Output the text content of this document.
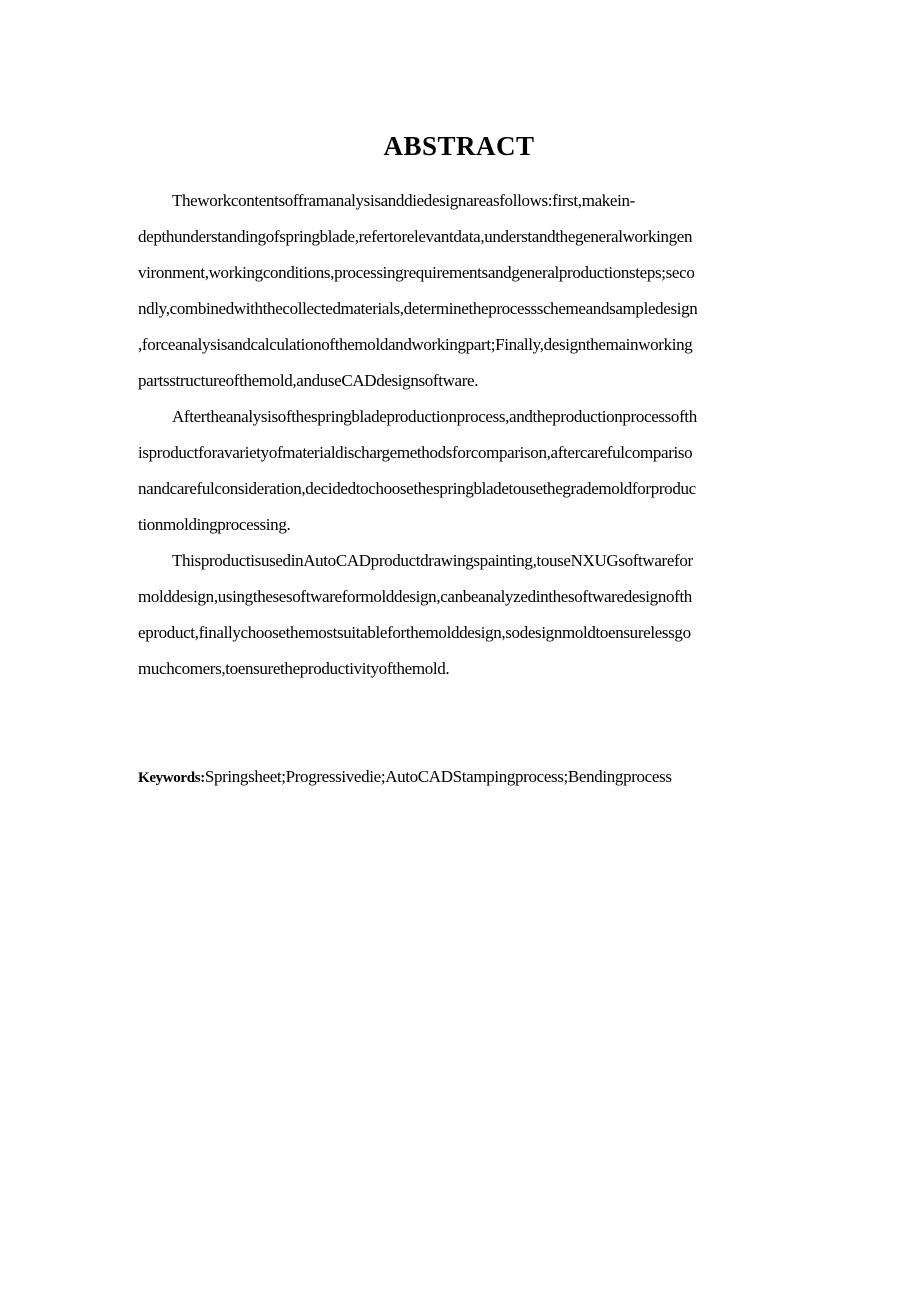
ABSTRACT
Theworkcontentsofframanalysisanddiedesignareasfollows:first,makein-
depthunderstandingofspringblade,refertorelevantdata,understandthegeneralworkingen
vironment,workingconditions,processingrequirementsandgeneralproductionsteps;seco
ndly,combinedwiththecollectedmaterials,determinetheprocessschemeandsampledesign
,forceanalysisandcalculationofthemoldandworkingpart;Finally,designthemainworking
partsstructureofthemold,anduseCADdesignsoftware.
Aftertheanalysisofthespringbladeproductionprocess,andtheproductionprocessofth
isproductforavarietyofmaterialdischargemethodsforcomparison,aftercarefulcompariso
nandcarefulconsideration,decidedtochoosethespringbladetousethegrademoldforproduc
tionmoldingprocessing.
ThisproductisusedinAutoCADproductdrawingspainting,touseNXUGsoftwarefor
molddesign,usingthesesoftwareformolddesign,canbeanalyzedinthesoftwaredesignofth
eproduct,finallychoosethemostsuitableforthemolddesign,sodesignmoldtoensurelessgo
muchcomers,toensuretheproductivityofthemold.
Keywords:Springsheet;Progressivedie;AutoCADStampingprocess;Bendingprocess
